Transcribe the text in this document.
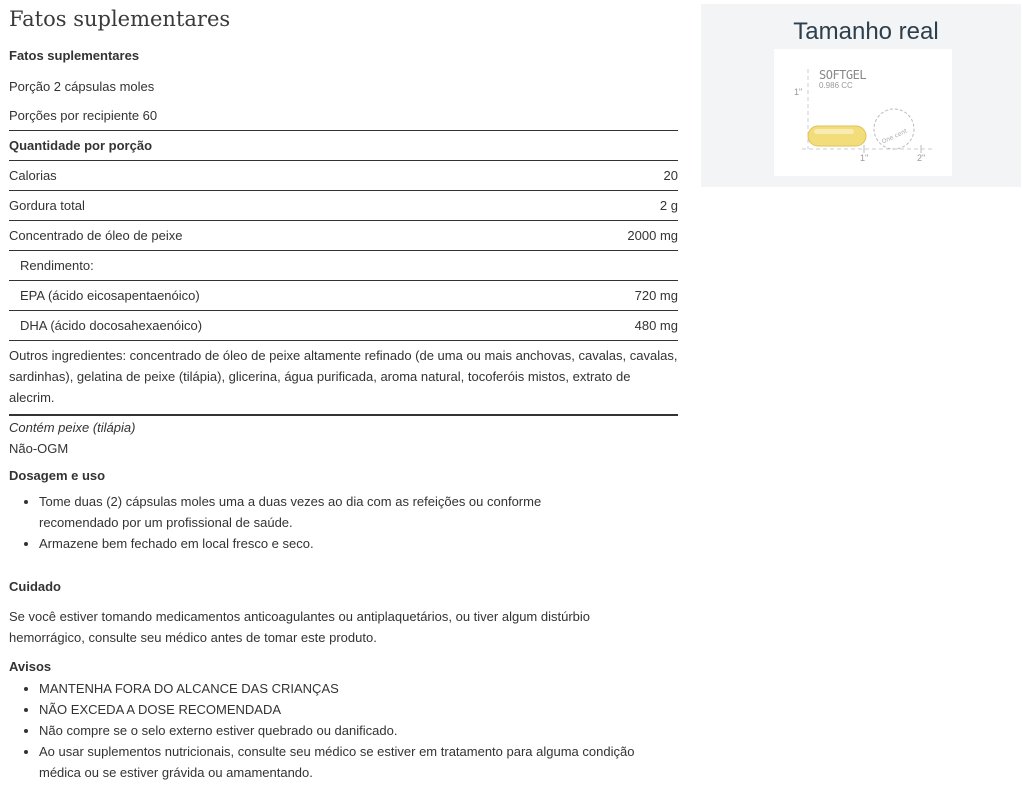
Fatos suplementares
Fatos suplementares
Porção 2 cápsulas moles
Porções por recipiente 60
Quantidade por porção
Calorias	20
Gordura total	2 g
Concentrado de óleo de peixe	2000 mg
Rendimento:
EPA (ácido eicosapentaenóico)	720 mg
DHA (ácido docosahexaenóico)	480 mg
Outros ingredientes: concentrado de óleo de peixe altamente refinado (de uma ou mais anchovas, cavalas, cavalas, sardinhas), gelatina de peixe (tilápia), glicerina, água purificada, aroma natural, tocoferóis mistos, extrato de alecrim.
Contém peixe (tilápia)
Não-OGM
Dosagem e uso
• Tome duas (2) cápsulas moles uma a duas vezes ao dia com as refeições ou conforme recomendado por um profissional de saúde.
• Armazene bem fechado em local fresco e seco.
Cuidado
Se você estiver tomando medicamentos anticoagulantes ou antiplaquetários, ou tiver algum distúrbio hemorrágico, consulte seu médico antes de tomar este produto.
Avisos
• MANTENHA FORA DO ALCANCE DAS CRIANÇAS
• NÃO EXCEDA A DOSE RECOMENDADA
• Não compre se o selo externo estiver quebrado ou danificado.
• Ao usar suplementos nutricionais, consulte seu médico se estiver em tratamento para alguma condição médica ou se estiver grávida ou amamentando.
Tamanho real
One cent
SOFTGEL
0.986 CC
1"
1"	2"
